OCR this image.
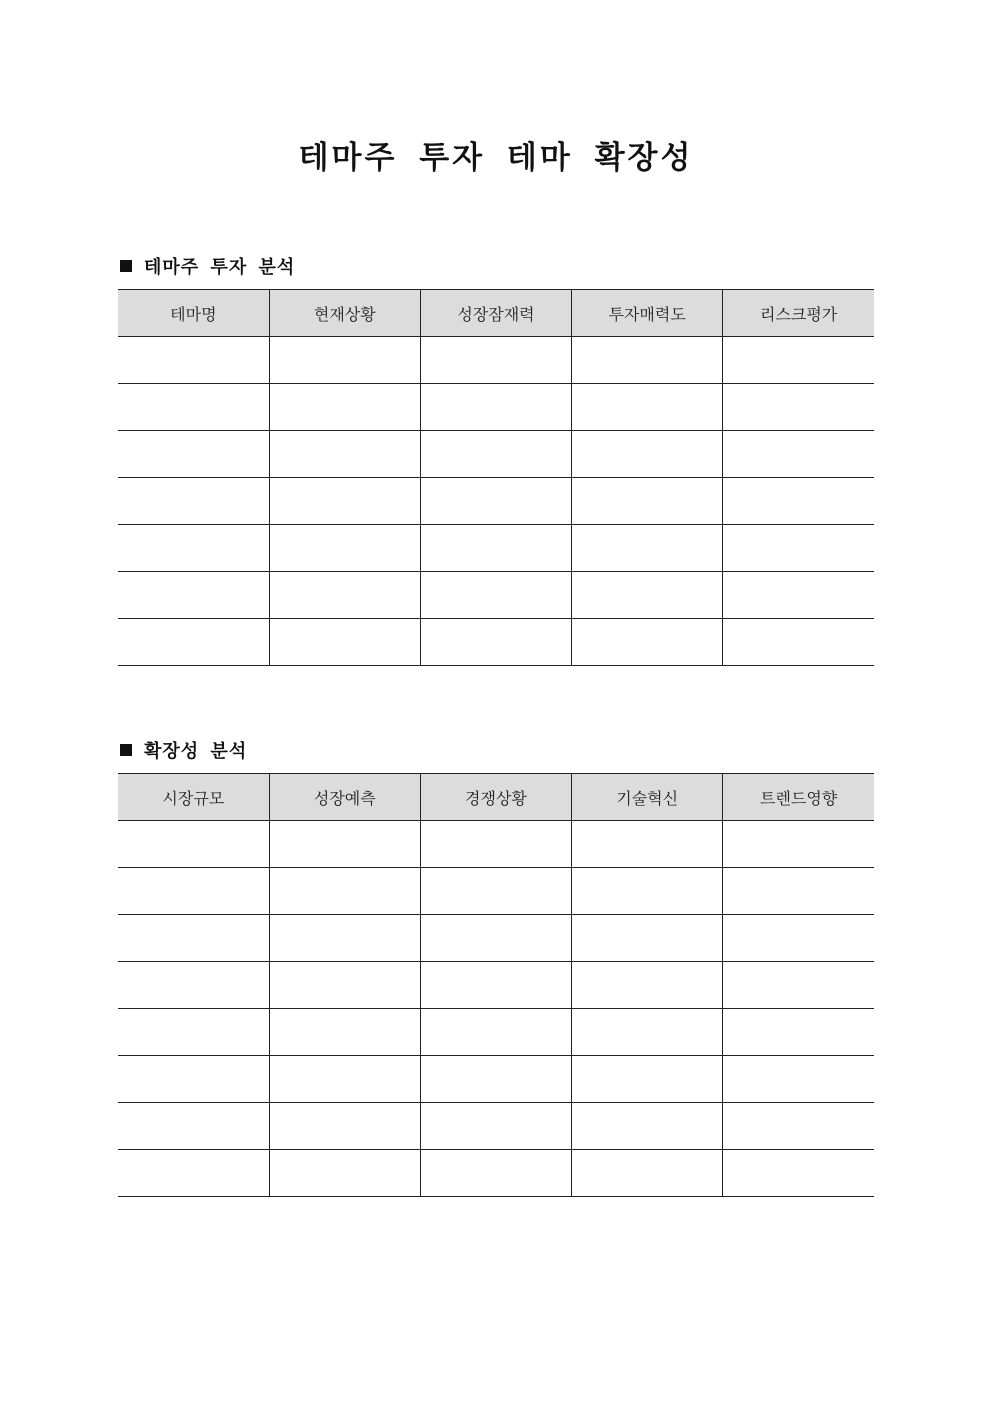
테마주 투자 테마 확장성
테마주 투자 분석
테마명	현재상황	성장잠재력	투자매력도	리스크평가

확장성 분석
시장규모	성장예측	경쟁상황	기술혁신	트렌드영향
